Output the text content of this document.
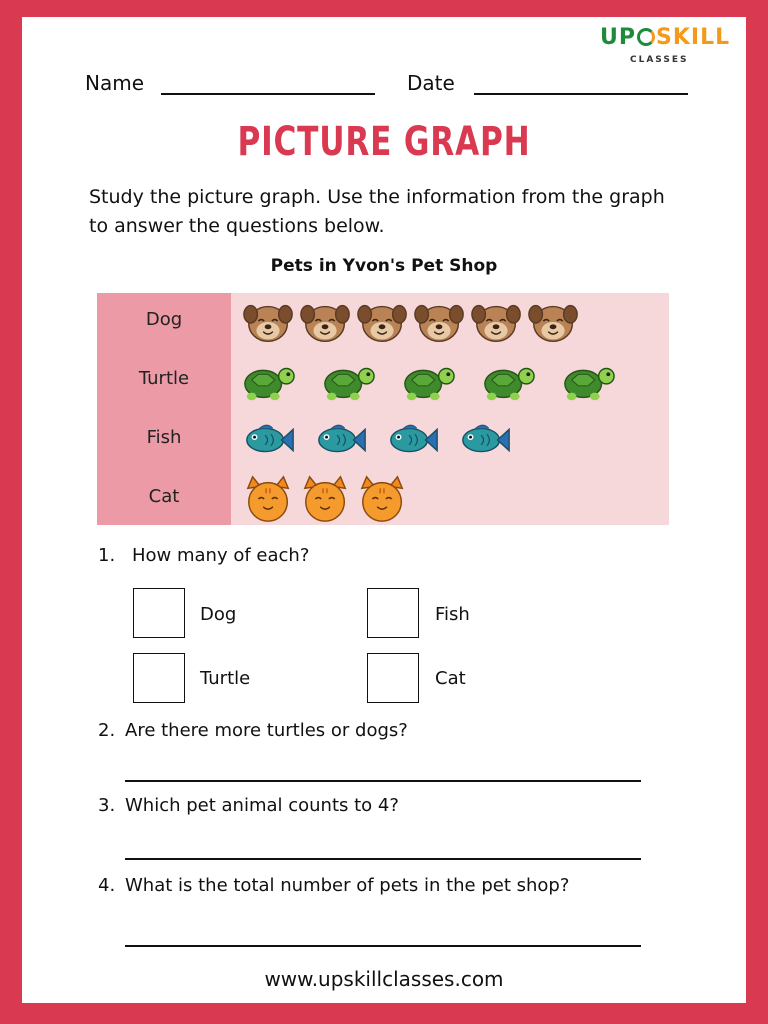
UP SKILL
CLASSES
Name	Date
PICTURE GRAPH
Study the picture graph. Use the information from the graph to answer the questions below.
Pets in Yvon's Pet Shop
Dog
Turtle
Fish
Cat
1. How many of each?
Dog	Fish
Turtle	Cat
2. Are there more turtles or dogs?
3. Which pet animal counts to 4?
4. What is the total number of pets in the pet shop?
www.upskillclasses.com
